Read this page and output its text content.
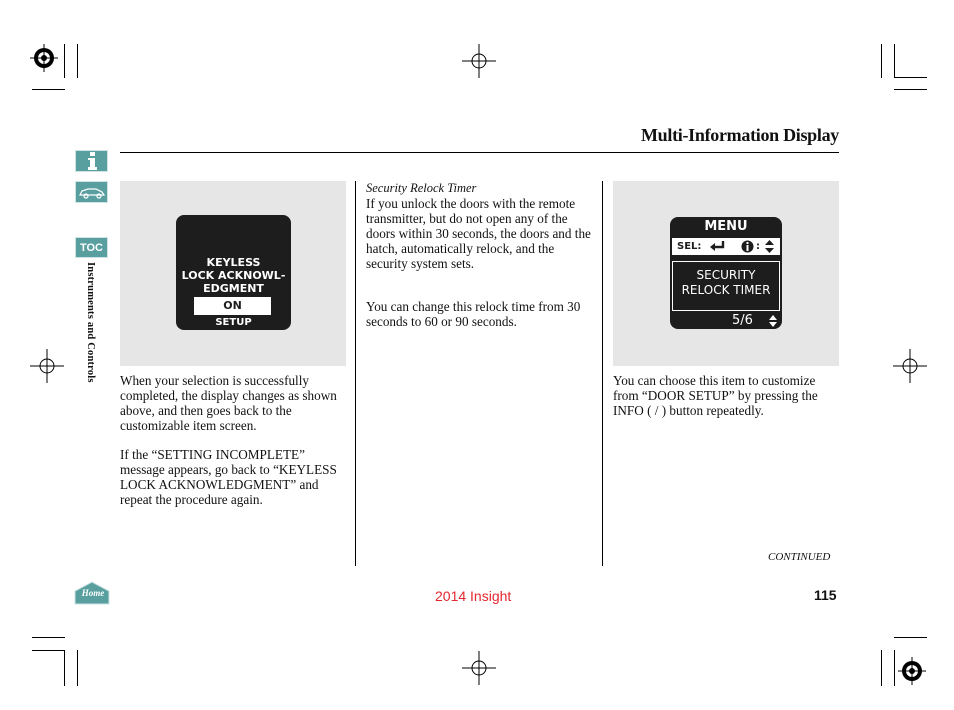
Multi-Information Display
TOC
Instruments and Controls
Home
KEYLESS
LOCK ACKNOWL-
EDGMENT
ON
SETUP
When your selection is successfully completed, the display changes as shown above, and then goes back to the customizable item screen.
If the “SETTING INCOMPLETE” message appears, go back to “KEYLESS LOCK ACKNOWLEDGMENT” and repeat the procedure again.
Security Relock Timer
If you unlock the doors with the remote transmitter, but do not open any of the doors within 30 seconds, the doors and the hatch, automatically relock, and the security system sets.
You can change this relock time from 30 seconds to 60 or 90 seconds.
MENU
SEL:	:
SECURITY
RELOCK TIMER
5/6
You can choose this item to customize from “DOOR SETUP” by pressing the INFO ( / ) button repeatedly.
CONTINUED
2014 Insight	115
